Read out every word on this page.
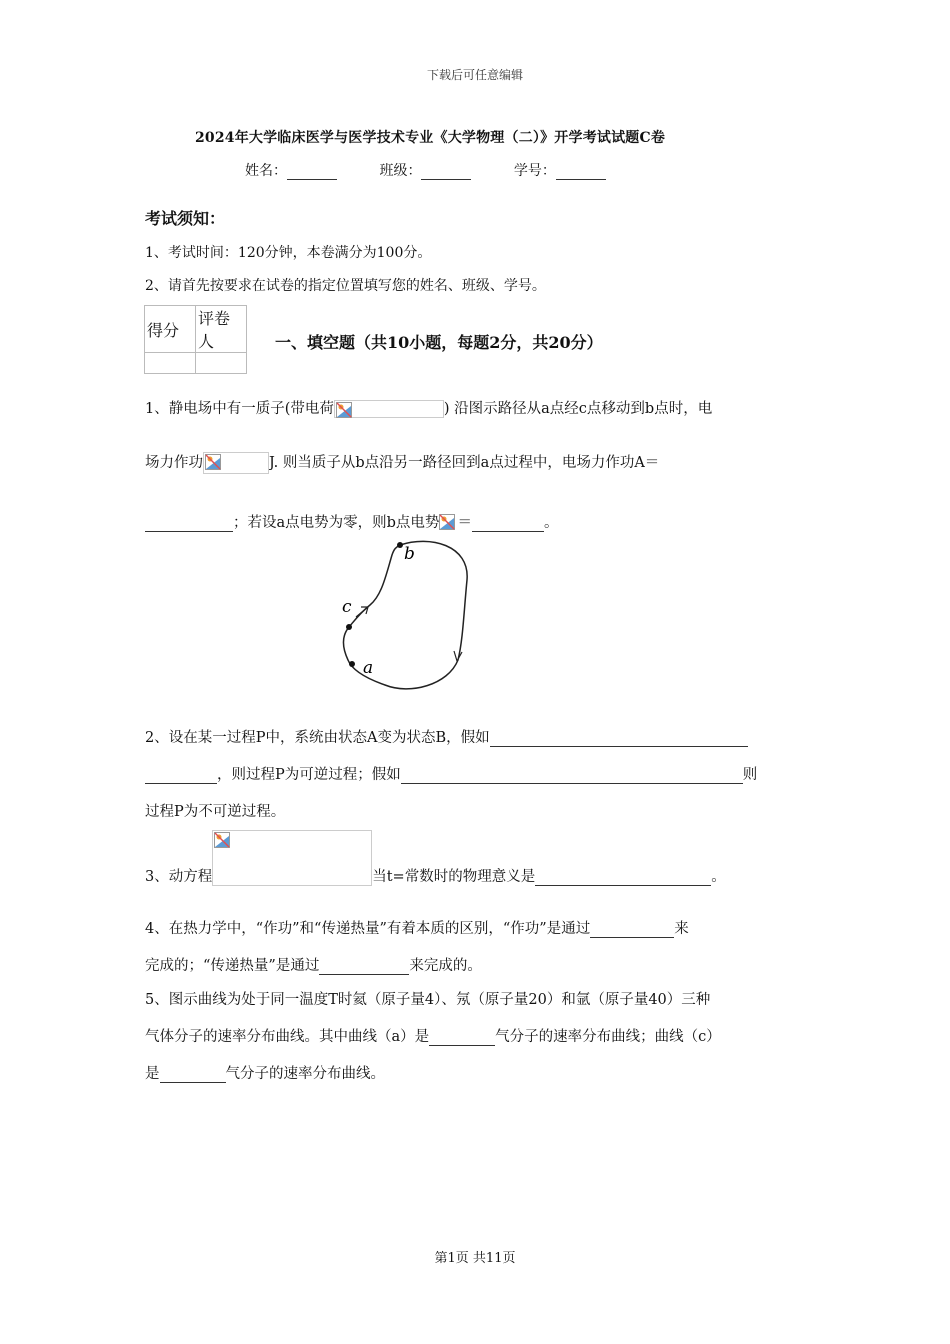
下载后可任意编辑
2024年大学临床医学与医学技术专业《大学物理（二）》开学考试试题C卷
姓名：	班级：	学号：
考试须知：
1、考试时间：120分钟，本卷满分为100分。
2、请首先按要求在试卷的指定位置填写您的姓名、班级、学号。
得分	评卷人
		一、填空题（共10小题，每题2分，共20分）
1、静电场中有一质子(带电荷	) 沿图示路径从a点经c点移动到b点时，电
场力作功	J. 则当质子从b点沿另一路径回到a点过程中，电场力作功A＝
；若设a点电势为零，则b点电势 ＝	。
b
c
a
2、设在某一过程P中，系统由状态A变为状态B，假如
，则过程P为可逆过程；假如	则
过程P为不可逆过程。
3、动方程	当t=常数时的物理意义是	。
4、在热力学中，“作功”和“传递热量”有着本质的区别，“作功”是通过	来
完成的；“传递热量”是通过	来完成的。
5、图示曲线为处于同一温度T时氦（原子量4）、氖（原子量20）和氩（原子量40）三种
气体分子的速率分布曲线。其中曲线（a）是	气分子的速率分布曲线；曲线（c）
是	气分子的速率分布曲线。
第1页 共11页
